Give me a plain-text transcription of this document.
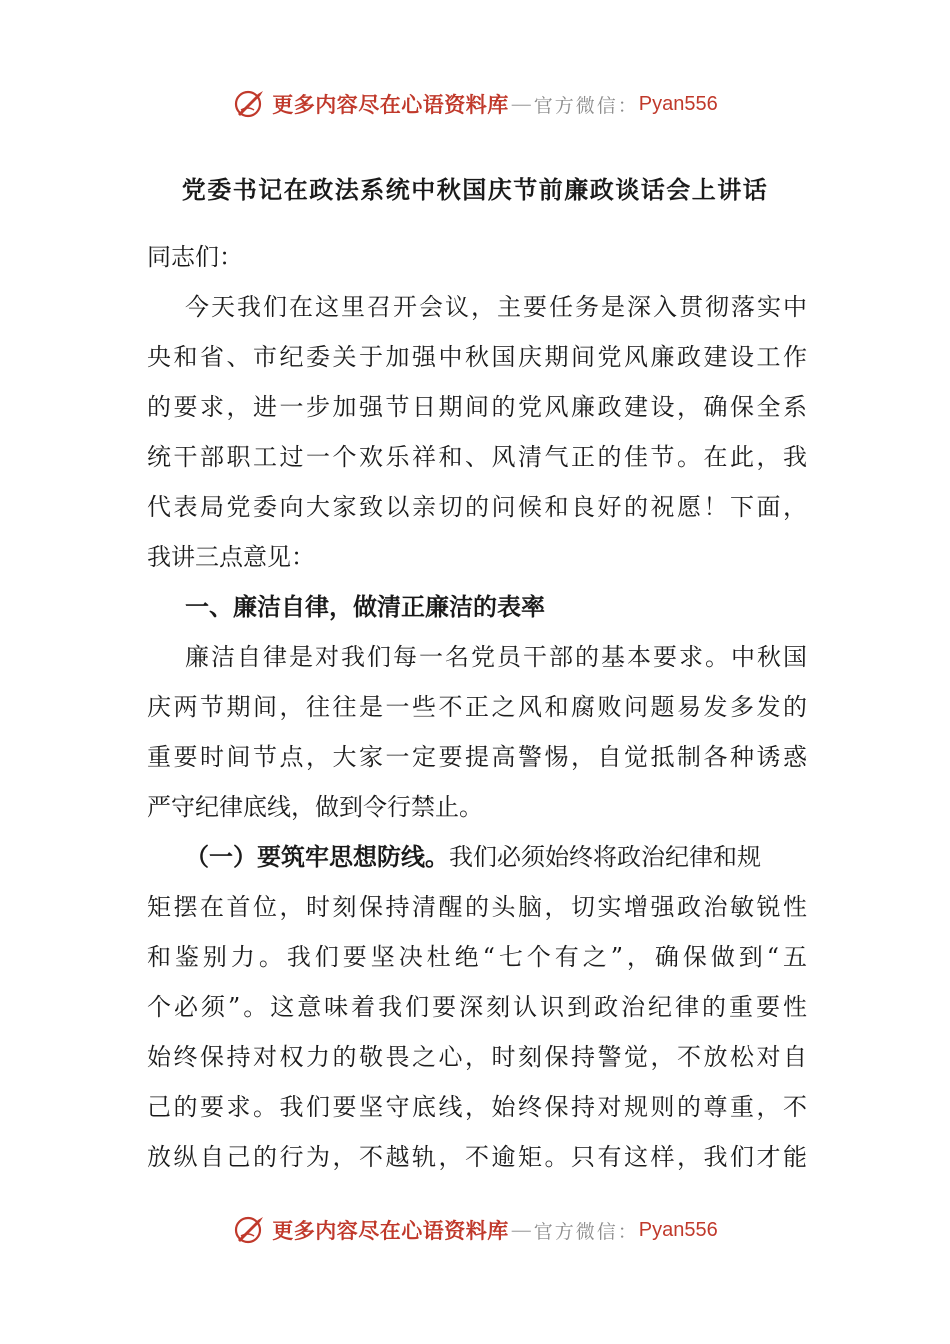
更多内容尽在心语资料库 — 官方微信： Pyan556
党委书记在政法系统中秋国庆节前廉政谈话会上讲话
同志们：
今天我们在这里召开会议，主要任务是深入贯彻落实中
央和省、市纪委关于加强中秋国庆期间党风廉政建设工作
的要求，进一步加强节日期间的党风廉政建设，确保全系
统干部职工过一个欢乐祥和、风清气正的佳节。在此，我
代表局党委向大家致以亲切的问候和良好的祝愿！下面，
我讲三点意见：
一、廉洁自律，做清正廉洁的表率
廉洁自律是对我们每一名党员干部的基本要求。中秋国
庆两节期间，往往是一些不正之风和腐败问题易发多发的
重要时间节点，大家一定要提高警惕，自觉抵制各种诱惑
严守纪律底线，做到令行禁止。
（一）要筑牢思想防线。我们必须始终将政治纪律和规
矩摆在首位，时刻保持清醒的头脑，切实增强政治敏锐性
和鉴别力。我们要坚决杜绝“七个有之”，确保做到“五
个必须”。这意味着我们要深刻认识到政治纪律的重要性
始终保持对权力的敬畏之心，时刻保持警觉，不放松对自
己的要求。我们要坚守底线，始终保持对规则的尊重，不
放纵自己的行为，不越轨，不逾矩。只有这样，我们才能
更多内容尽在心语资料库 — 官方微信： Pyan556
